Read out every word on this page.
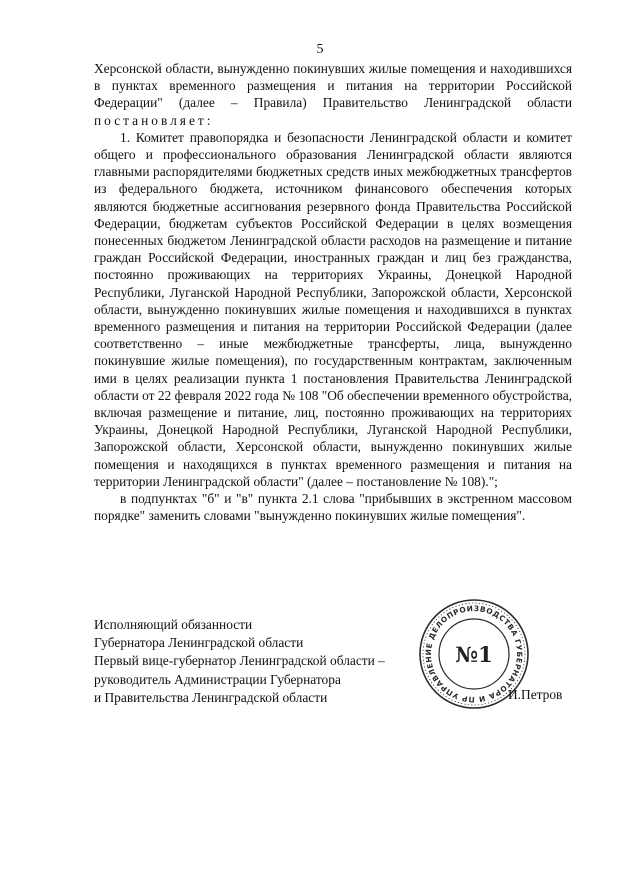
5

Херсонской области, вынужденно покинувших жилые помещения и находившихся в пунктах временного размещения и питания на территории Российской Федерации" (далее – Правила) Правительство Ленинградской области постановляет:

1. Комитет правопорядка и безопасности Ленинградской области и комитет общего и профессионального образования Ленинградской области являются главными распорядителями бюджетных средств иных межбюджетных трансфертов из федерального бюджета, источником финансового обеспечения которых являются бюджетные ассигнования резервного фонда Правительства Российской Федерации, бюджетам субъектов Российской Федерации в целях возмещения понесенных бюджетом Ленинградской области расходов на размещение и питание граждан Российской Федерации, иностранных граждан и лиц без гражданства, постоянно проживающих на территориях Украины, Донецкой Народной Республики, Луганской Народной Республики, Запорожской области, Херсонской области, вынужденно покинувших жилые помещения и находившихся в пунктах временного размещения и питания на территории Российской Федерации (далее соответственно – иные межбюджетные трансферты, лица, вынужденно покинувшие жилые помещения), по государственным контрактам, заключенным ими в целях реализации пункта 1 постановления Правительства Ленинградской области от 22 февраля 2022 года № 108 "Об обеспечении временного обустройства, включая размещение и питание, лиц, постоянно проживающих на территориях Украины, Донецкой Народной Республики, Луганской Народной Республики, Запорожской области, Херсонской области, вынужденно покинувших жилые помещения и находящихся в пунктах временного размещения и питания на территории Ленинградской области" (далее – постановление № 108).";

в подпунктах "б" и "в" пункта 2.1 слова "прибывших в экстренном массовом порядке" заменить словами "вынужденно покинувших жилые помещения".

Исполняющий обязанности
Губернатора Ленинградской области
Первый вице-губернатор Ленинградской области –
руководитель Администрации Губернатора
и Правительства Ленинградской области	УПРАВЛЕНИЕ ДЕЛОПРОИЗВОДСТВА ГУБЕРНАТОРА И ПРАВИТЕЛЬСТВА
№1
И.Петров
